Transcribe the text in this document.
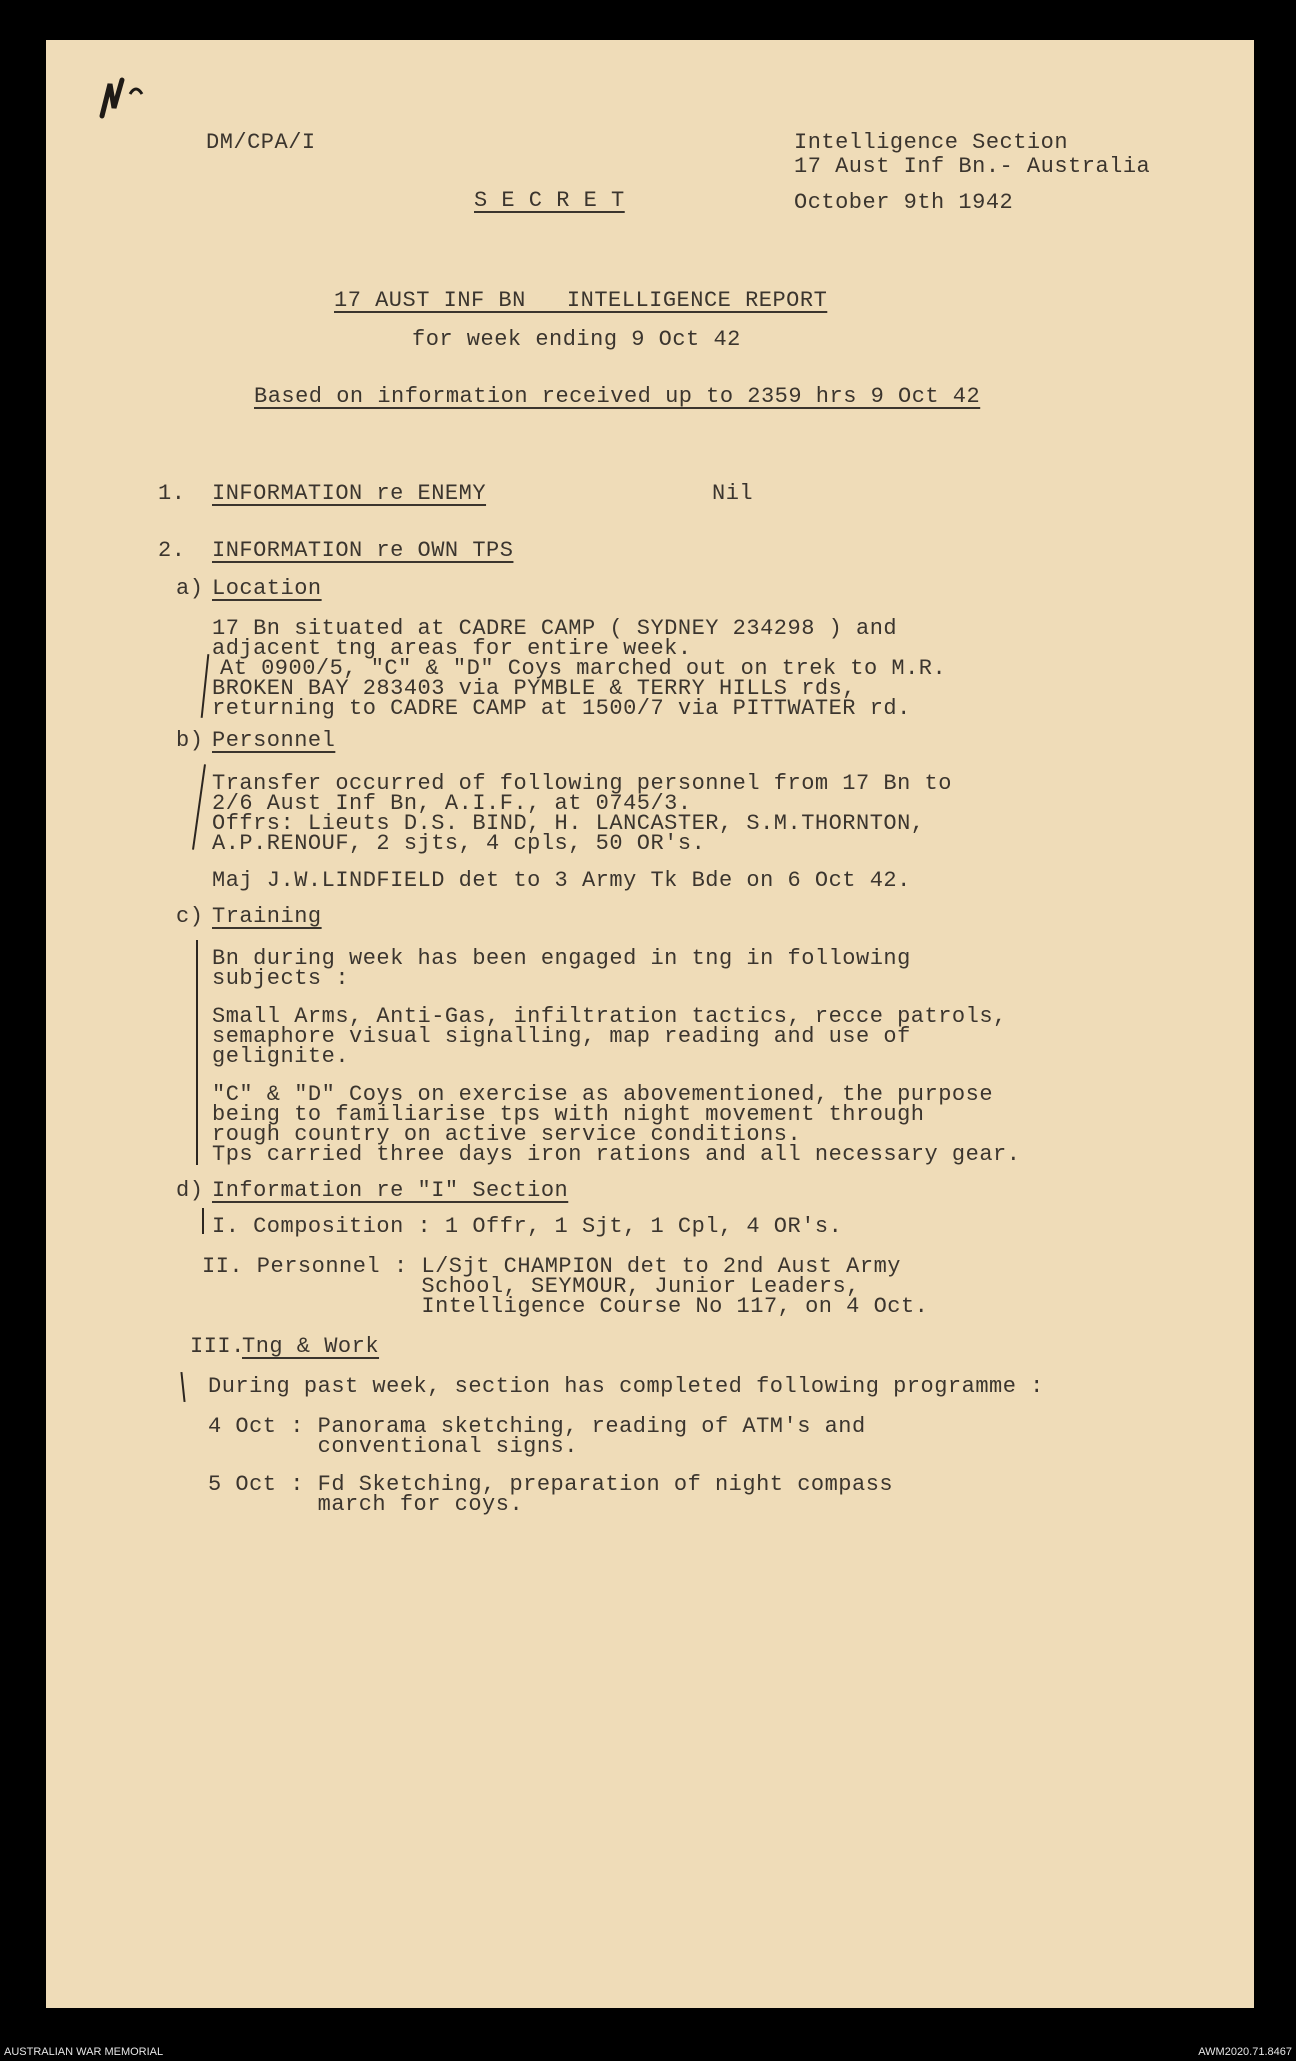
DM/CPA/I	Intelligence Section
17 Aust Inf Bn.- Australia
S E C R E T	October 9th 1942
17 AUST INF BN   INTELLIGENCE REPORT
for week ending 9 Oct 42
Based on information received up to 2359 hrs 9 Oct 42
1. INFORMATION re ENEMY	Nil
2. INFORMATION re OWN TPS
a) Location
17 Bn situated at CADRE CAMP ( SYDNEY 234298 ) and
adjacent tng areas for entire week.
At 0900/5, "C" & "D" Coys marched out on trek to M.R.
BROKEN BAY 283403 via PYMBLE & TERRY HILLS rds,
returning to CADRE CAMP at 1500/7 via PITTWATER rd.
b) Personnel
Transfer occurred of following personnel from 17 Bn to
2/6 Aust Inf Bn, A.I.F., at 0745/3.
Offrs: Lieuts D.S. BIND, H. LANCASTER, S.M.THORNTON,
A.P.RENOUF, 2 sjts, 4 cpls, 50 OR's.
Maj J.W.LINDFIELD det to 3 Army Tk Bde on 6 Oct 42.
c) Training
Bn during week has been engaged in tng in following
subjects :
Small Arms, Anti-Gas, infiltration tactics, recce patrols,
semaphore visual signalling, map reading and use of
gelignite.
"C" & "D" Coys on exercise as abovementioned, the purpose
being to familiarise tps with night movement through
rough country on active service conditions.
Tps carried three days iron rations and all necessary gear.
d) Information re "I" Section
I. Composition : 1 Offr, 1 Sjt, 1 Cpl, 4 OR's.
II. Personnel : L/Sjt CHAMPION det to 2nd Aust Army
School, SEYMOUR, Junior Leaders,
Intelligence Course No 117, on 4 Oct.
III.
Tng & Work
During past week, section has completed following programme :
4 Oct : Panorama sketching, reading of ATM's and
conventional signs.
5 Oct : Fd Sketching, preparation of night compass
march for coys.
AUSTRALIAN WAR MEMORIAL	AWM2020.71.8467
